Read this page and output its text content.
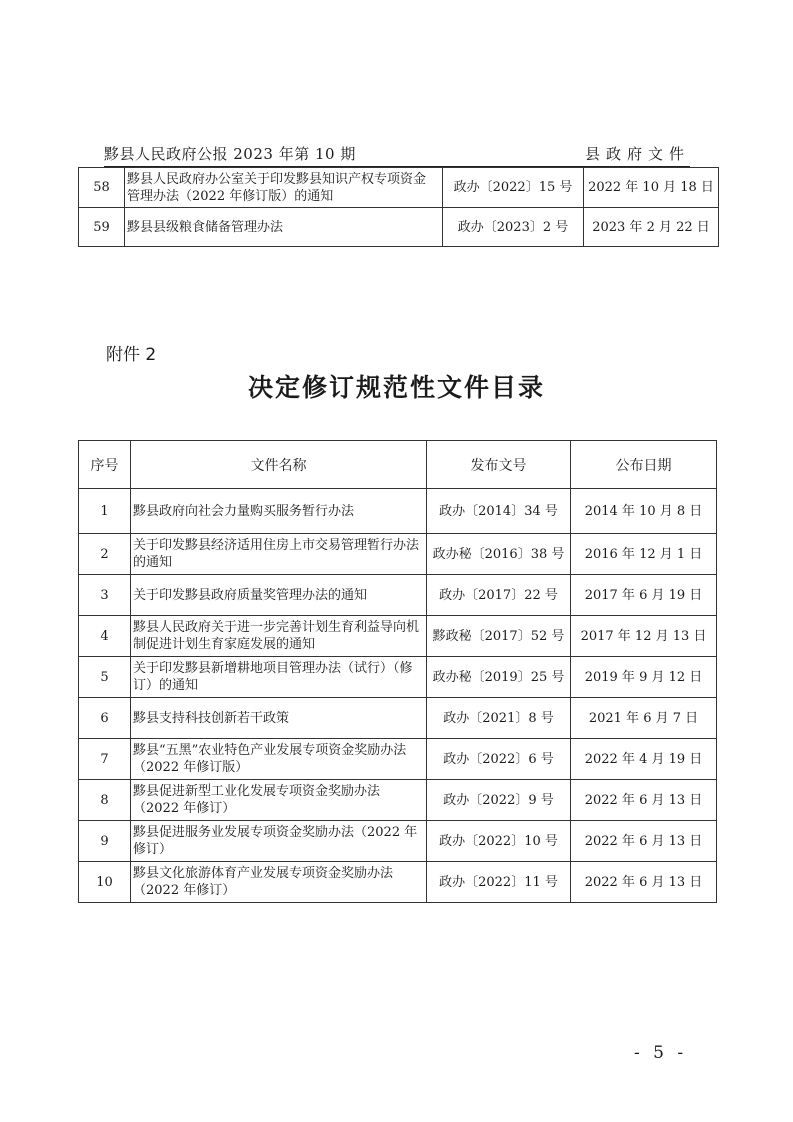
黟县人民政府公报 2023 年第 10 期	县政府文件
58	黟县人民政府办公室关于印发黟县知识产权专项资金管理办法（2022 年修订版）的通知	政办〔2022〕15 号	2022 年 10 月 18 日
59	黟县县级粮食储备管理办法	政办〔2023〕2 号	2023 年 2 月 22 日
附件 2
决定修订规范性文件目录
序号	文件名称	发布文号	公布日期
1	黟县政府向社会力量购买服务暂行办法	政办〔2014〕34 号	2014 年 10 月 8 日
2	关于印发黟县经济适用住房上市交易管理暂行办法的通知	政办秘〔2016〕38 号	2016 年 12 月 1 日
3	关于印发黟县政府质量奖管理办法的通知	政办〔2017〕22 号	2017 年 6 月 19 日
4	黟县人民政府关于进一步完善计划生育利益导向机制促进计划生育家庭发展的通知	黟政秘〔2017〕52 号	2017 年 12 月 13 日
5	关于印发黟县新增耕地项目管理办法（试行）（修订）的通知	政办秘〔2019〕25 号	2019 年 9 月 12 日
6	黟县支持科技创新若干政策	政办〔2021〕8 号	2021 年 6 月 7 日
7	黟县“五黑”农业特色产业发展专项资金奖励办法（2022 年修订版）	政办〔2022〕6 号	2022 年 4 月 19 日
8	黟县促进新型工业化发展专项资金奖励办法（2022 年修订）	政办〔2022〕9 号	2022 年 6 月 13 日
9	黟县促进服务业发展专项资金奖励办法（2022 年修订）	政办〔2022〕10 号	2022 年 6 月 13 日
10	黟县文化旅游体育产业发展专项资金奖励办法（2022 年修订）	政办〔2022〕11 号	2022 年 6 月 13 日
- 5 -
